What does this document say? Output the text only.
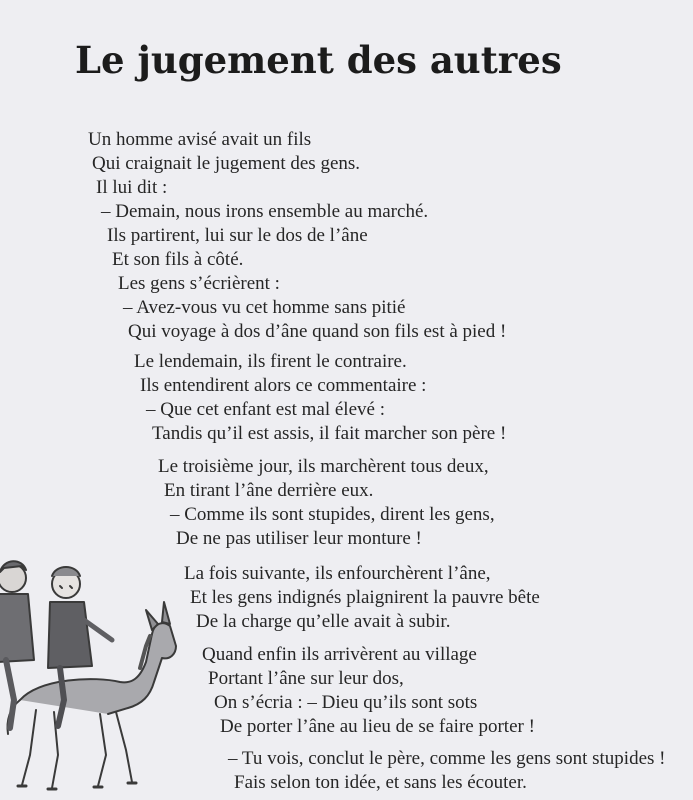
Le jugement des autres
Un homme avisé avait un fils
Qui craignait le jugement des gens.
Il lui dit :
– Demain, nous irons ensemble au marché.
Ils partirent, lui sur le dos de l’âne
Et son fils à côté.
Les gens s’écrièrent :
– Avez-vous vu cet homme sans pitié
Qui voyage à dos d’âne quand son fils est à pied !
Le lendemain, ils firent le contraire.
Ils entendirent alors ce commentaire :
– Que cet enfant est mal élevé :
Tandis qu’il est assis, il fait marcher son père !
Le troisième jour, ils marchèrent tous deux,
En tirant l’âne derrière eux.
– Comme ils sont stupides, dirent les gens,
De ne pas utiliser leur monture !
La fois suivante, ils enfourchèrent l’âne,
Et les gens indignés plaignirent la pauvre bête
De la charge qu’elle avait à subir.
Quand enfin ils arrivèrent au village
Portant l’âne sur leur dos,
On s’écria : – Dieu qu’ils sont sots
De porter l’âne au lieu de se faire porter !
– Tu vois, conclut le père, comme les gens sont stupides !
Fais selon ton idée, et sans les écouter.
